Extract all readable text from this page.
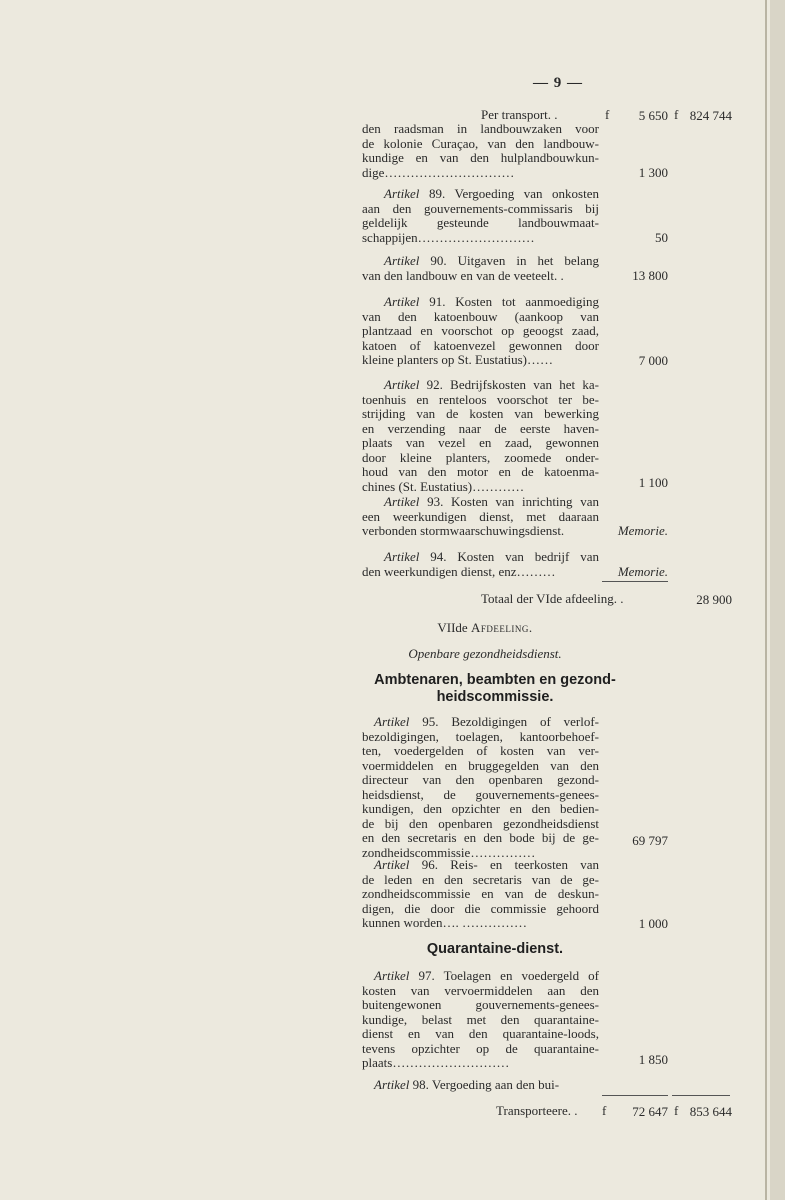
— 9 —
Per transport. .	f	5 650 f 824 744
den raadsman in landbouwzaken voor
de kolonie Curaçao, van den landbouw-
kundige en van den hulplandbouwkun-
dige…………………………	1 300
Artikel 89. Vergoeding van onkosten
aan den gouvernements-commissaris bij
geldelijk gesteunde landbouwmaat-
schappijen………………………	50
Artikel 90. Uitgaven in het belang
van den landbouw en van de veeteelt. .	13 800
Artikel 91. Kosten tot aanmoediging
van den katoenbouw (aankoop van
plantzaad en voorschot op geoogst zaad,
katoen of katoenvezel gewonnen door
kleine planters op St. Eustatius)……	7 000
Artikel 92. Bedrijfskosten van het ka-
toenhuis en renteloos voorschot ter be-
strijding van de kosten van bewerking
en verzending naar de eerste haven-
plaats van vezel en zaad, gewonnen
door kleine planters, zoomede onder-
houd van den motor en de katoenma-
chines (St. Eustatius)…………	1 100
Artikel 93. Kosten van inrichting van
een weerkundigen dienst, met daaraan
verbonden stormwaarschuwingsdienst.	Memorie.
Artikel 94. Kosten van bedrijf van
den weerkundigen dienst, enz………	Memorie.
Totaal der VIde afdeeling. .	28 900
VIIde Afdeeling.
Openbare gezondheidsdienst.
Ambtenaren, beambten en gezond-
heidscommissie.
Artikel 95. Bezoldigingen of verlof-
bezoldigingen, toelagen, kantoorbehoef-
ten, voedergelden of kosten van ver-
voermiddelen en bruggegelden van den
directeur van den openbaren gezond-
heidsdienst, de gouvernements-genees-
kundigen, den opzichter en den bedien-
de bij den openbaren gezondheidsdienst
en den secretaris en den bode bij de ge-
zondheidscommissie……………
69 797
Artikel 96. Reis- en teerkosten van
de leden en den secretaris van de ge-
zondheidscommissie en van de deskun-
digen, die door die commissie gehoord
kunnen worden…. ……………	1 000
Quarantaine-dienst.
Artikel 97. Toelagen en voedergeld of
kosten van vervoermiddelen aan den
buitengewonen gouvernements-genees-
kundige, belast met den quarantaine-
dienst en van den quarantaine-loods,
tevens opzichter op de quarantaine-
plaats………………………	1 850
Artikel 98. Vergoeding aan den bui-
Transporteere. . f	72 647 f 853 644
